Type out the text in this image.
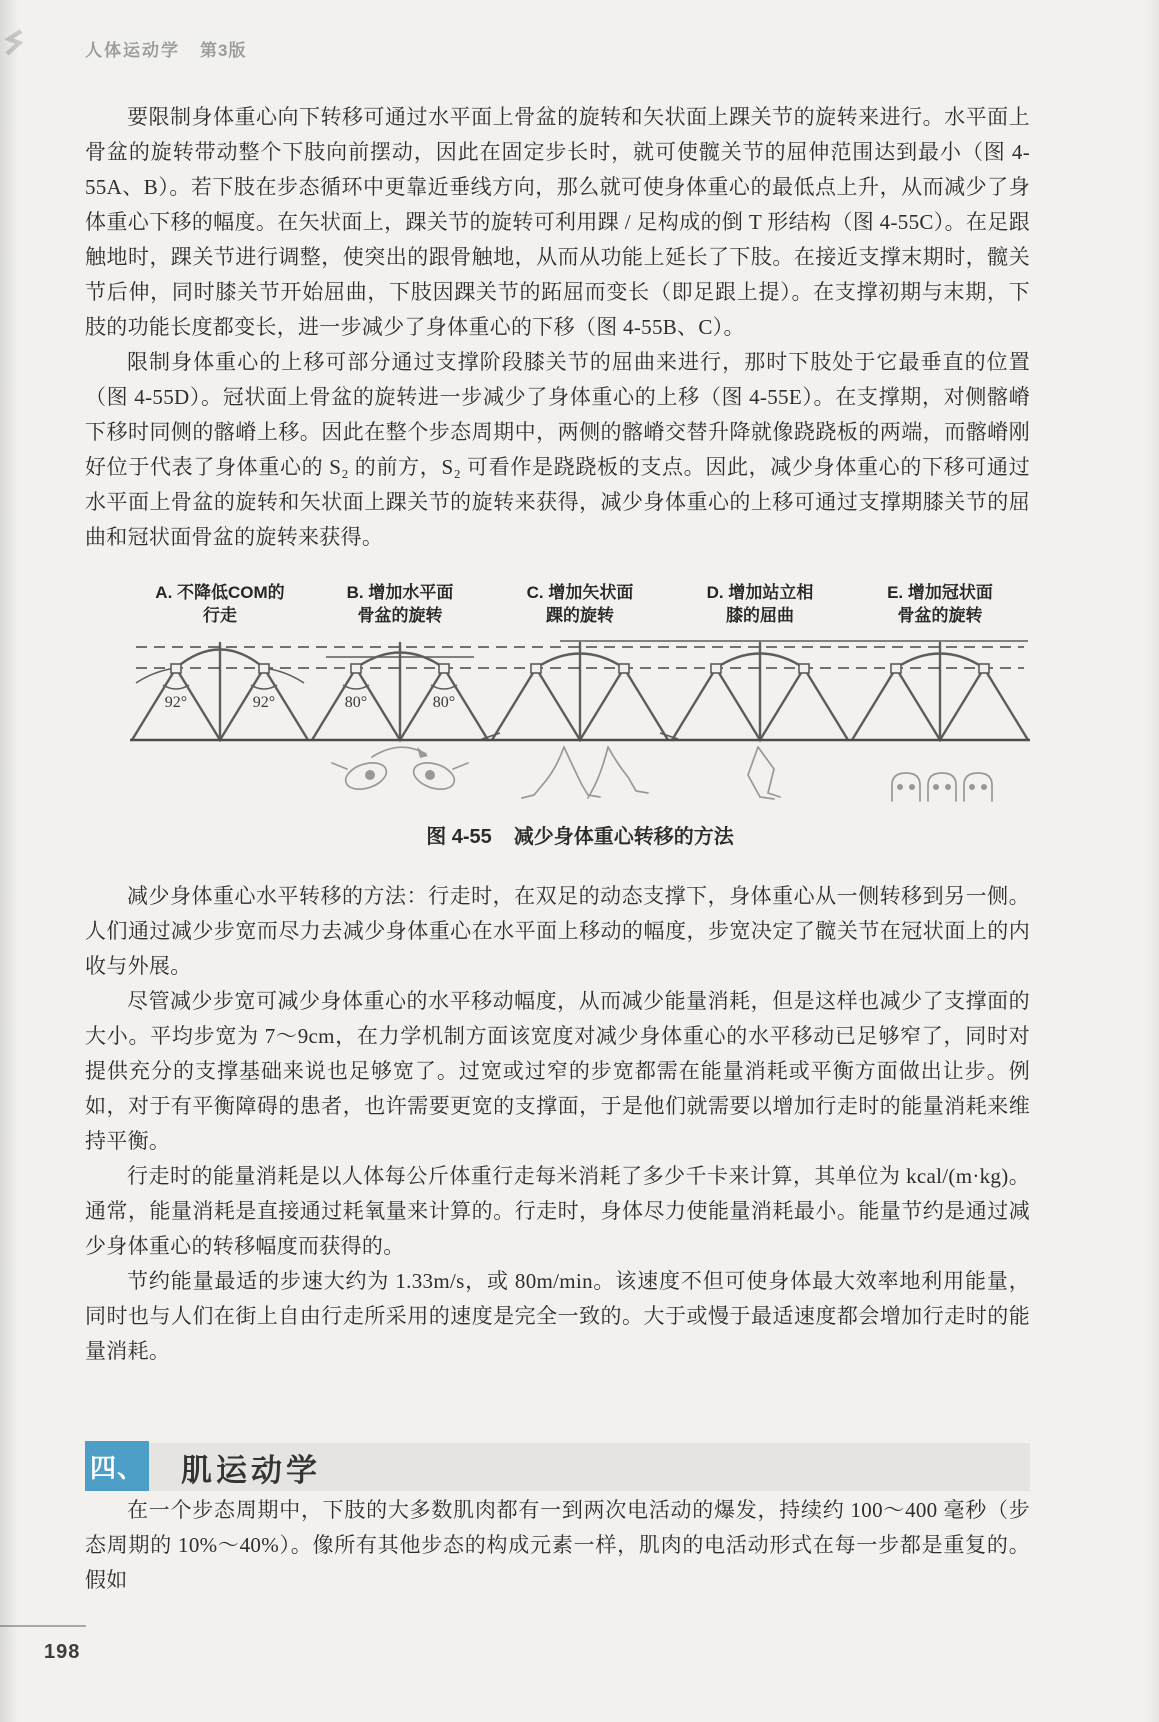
人体运动学 第3版

要限制身体重心向下转移可通过水平面上骨盆的旋转和矢状面上踝关节的旋转来进行。水平面上骨盆的旋转带动整个下肢向前摆动，因此在固定步长时，就可使髋关节的屈伸范围达到最小（图 4-55A、B）。若下肢在步态循环中更靠近垂线方向，那么就可使身体重心的最低点上升，从而减少了身体重心下移的幅度。在矢状面上，踝关节的旋转可利用踝 / 足构成的倒 T 形结构（图 4-55C）。在足跟触地时，踝关节进行调整，使突出的跟骨触地，从而从功能上延长了下肢。在接近支撑末期时，髋关节后伸，同时膝关节开始屈曲，下肢因踝关节的跖屈而变长（即足跟上提）。在支撑初期与末期，下肢的功能长度都变长，进一步减少了身体重心的下移（图 4-55B、C）。

限制身体重心的上移可部分通过支撑阶段膝关节的屈曲来进行，那时下肢处于它最垂直的位置（图 4-55D）。冠状面上骨盆的旋转进一步减少了身体重心的上移（图 4-55E）。在支撑期，对侧髂嵴下移时同侧的髂嵴上移。因此在整个步态周期中，两侧的髂嵴交替升降就像跷跷板的两端，而髂嵴刚好位于代表了身体重心的 S₂ 的前方，S₂ 可看作是跷跷板的支点。因此，减少身体重心的下移可通过水平面上骨盆的旋转和矢状面上踝关节的旋转来获得，减少身体重心的上移可通过支撑期膝关节的屈曲和冠状面骨盆的旋转来获得。

A. 不降低COM的
行走
B. 增加水平面
骨盆的旋转
C. 增加矢状面
踝的旋转
D. 增加站立相
膝的屈曲
E. 增加冠状面
骨盆的旋转
92°	92°	80°	80°
图 4-55 减少身体重心转移的方法

减少身体重心水平转移的方法：行走时，在双足的动态支撑下，身体重心从一侧转移到另一侧。人们通过减少步宽而尽力去减少身体重心在水平面上移动的幅度，步宽决定了髋关节在冠状面上的内收与外展。

尽管减少步宽可减少身体重心的水平移动幅度，从而减少能量消耗，但是这样也减少了支撑面的大小。平均步宽为 7～9cm，在力学机制方面该宽度对减少身体重心的水平移动已足够窄了，同时对提供充分的支撑基础来说也足够宽了。过宽或过窄的步宽都需在能量消耗或平衡方面做出让步。例如，对于有平衡障碍的患者，也许需要更宽的支撑面，于是他们就需要以增加行走时的能量消耗来维持平衡。

行走时的能量消耗是以人体每公斤体重行走每米消耗了多少千卡来计算，其单位为 kcal/(m·kg)。通常，能量消耗是直接通过耗氧量来计算的。行走时，身体尽力使能量消耗最小。能量节约是通过减少身体重心的转移幅度而获得的。

节约能量最适的步速大约为 1.33m/s，或 80m/min。该速度不但可使身体最大效率地利用能量，同时也与人们在街上自由行走所采用的速度是完全一致的。大于或慢于最适速度都会增加行走时的能量消耗。

四、 肌运动学

在一个步态周期中，下肢的大多数肌肉都有一到两次电活动的爆发，持续约 100～400 毫秒（步态周期的 10%～40%）。像所有其他步态的构成元素一样，肌肉的电活动形式在每一步都是重复的。假如

198
